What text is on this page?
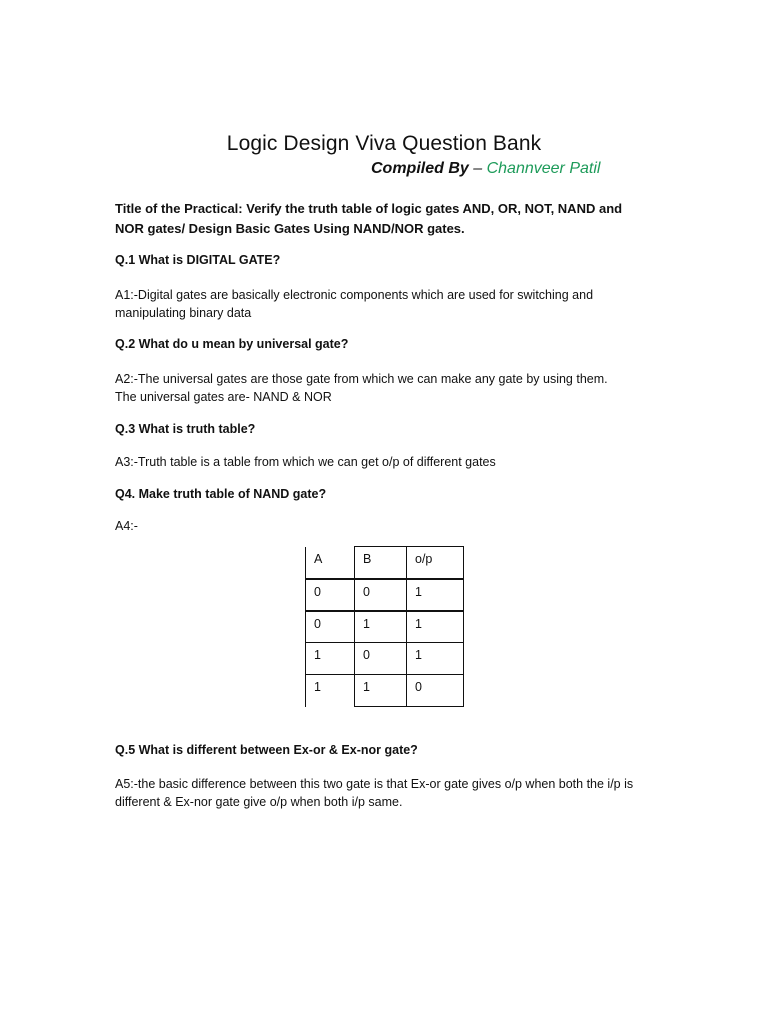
Logic Design Viva Question Bank
Compiled By – Channveer Patil

Title of the Practical: Verify the truth table of logic gates AND, OR, NOT, NAND and NOR gates/ Design Basic Gates Using NAND/NOR gates.

Q.1 What is DIGITAL GATE?

A1:-Digital gates are basically electronic components which are used for switching and manipulating binary data

Q.2 What do u mean by universal gate?

A2:-The universal gates are those gate from which we can make any gate by using them.

The universal gates are- NAND & NOR

Q.3 What is truth table?

A3:-Truth table is a table from which we can get o/p of different gates

Q4. Make truth table of NAND gate?

A4:-

A	B	o/p
0	0	1
0	1	1
1	0	1
1	1	0

Q.5 What is different between Ex-or & Ex-nor gate?

A5:-the basic difference between this two gate is that Ex-or gate gives o/p when both the i/p is different & Ex-nor gate give o/p when both i/p same.
